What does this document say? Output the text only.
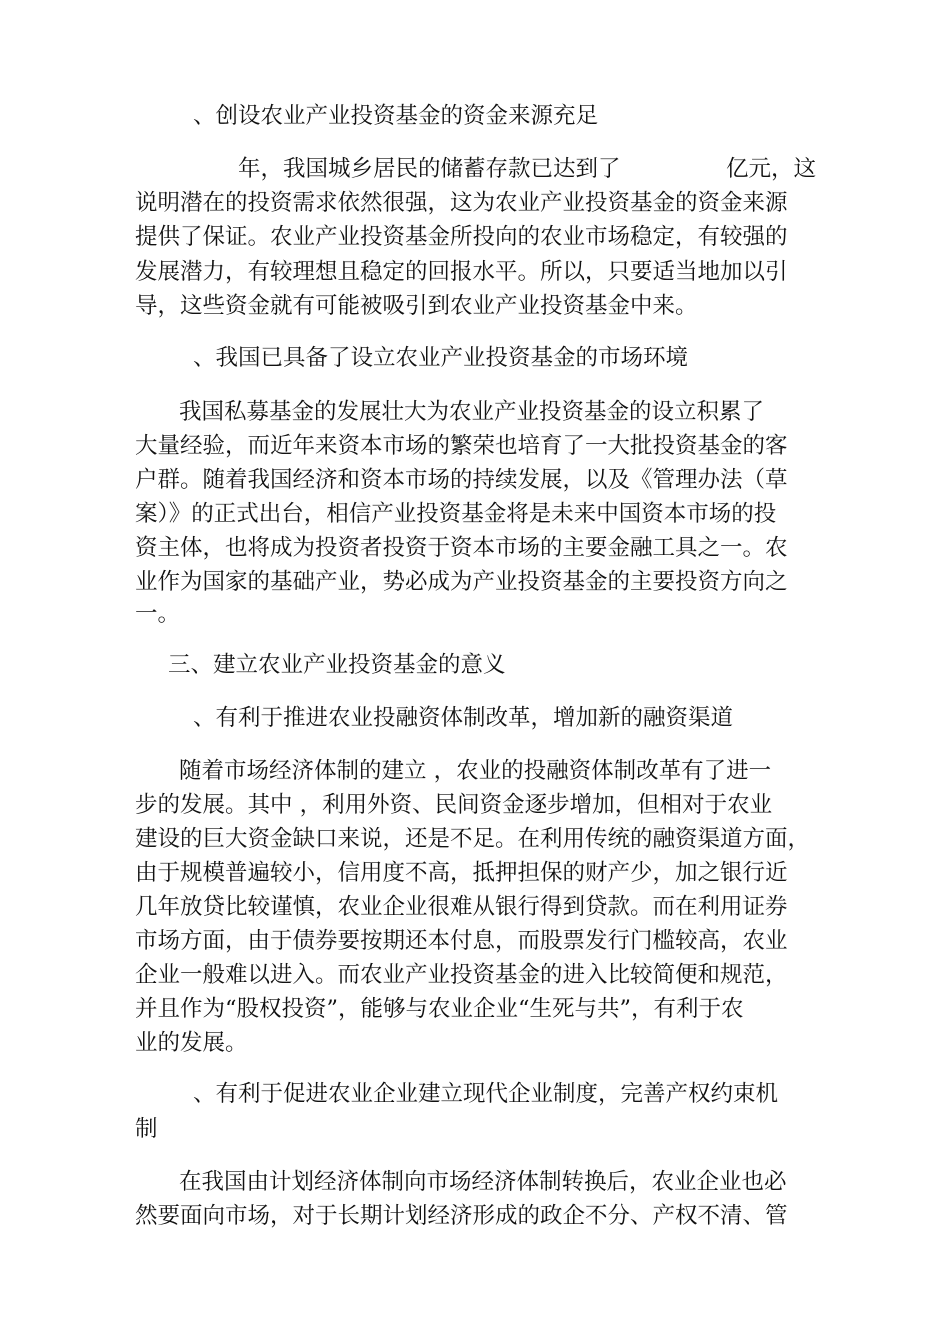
、创设农业产业投资基金的资金来源充足

年，我国城乡居民的储蓄存款已达到了	亿元，这

说明潜在的投资需求依然很强，这为农业产业投资基金的资金来源

提供了保证。农业产业投资基金所投向的农业市场稳定，有较强的

发展潜力，有较理想且稳定的回报水平。所以，只要适当地加以引

导，这些资金就有可能被吸引到农业产业投资基金中来。

、我国已具备了设立农业产业投资基金的市场环境

我国私募基金的发展壮大为农业产业投资基金的设立积累了

大量经验，而近年来资本市场的繁荣也培育了一大批投资基金的客

户群。随着我国经济和资本市场的持续发展，以及《管理办法（草

案）》的正式出台，相信产业投资基金将是未来中国资本市场的投

资主体，也将成为投资者投资于资本市场的主要金融工具之一。农

业作为国家的基础产业，势必成为产业投资基金的主要投资方向之

一。

三、建立农业产业投资基金的意义

、有利于推进农业投融资体制改革，增加新的融资渠道

随着市场经济体制的建立 ，农业的投融资体制改革有了进一

步的发展。其中 ，利用外资、民间资金逐步增加，但相对于农业

建设的巨大资金缺口来说，还是不足。在利用传统的融资渠道方面，

由于规模普遍较小，信用度不高，抵押担保的财产少，加之银行近

几年放贷比较谨慎，农业企业很难从银行得到贷款。而在利用证券

市场方面，由于债券要按期还本付息，而股票发行门槛较高，农业

企业一般难以进入。而农业产业投资基金的进入比较简便和规范，

并且作为“股权投资”，能够与农业企业“生死与共”，有利于农

业的发展。

、有利于促进农业企业建立现代企业制度，完善产权约束机

制

在我国由计划经济体制向市场经济体制转换后，农业企业也必

然要面向市场，对于长期计划经济形成的政企不分、产权不清、管
